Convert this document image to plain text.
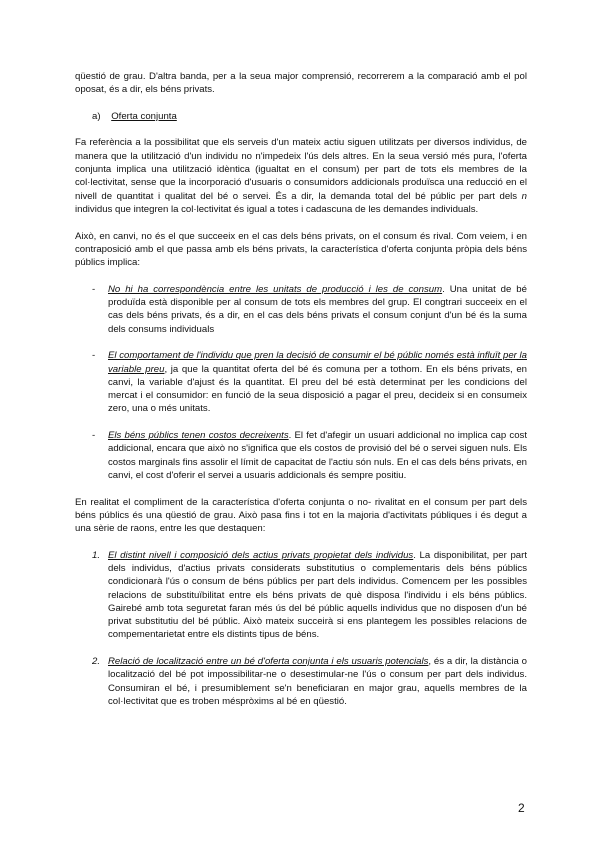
qüestió de grau. D'altra banda, per a la seua major comprensió, recorrerem a la comparació amb el pol oposat, és a dir, els béns privats.

a) Oferta conjunta

Fa referència a la possibilitat que els serveis d'un mateix actiu siguen utilitzats per diversos individus, de manera que la utilització d'un individu no n'impedeix l'ús dels altres. En la seua versió més pura, l'oferta conjunta implica una utilització idèntica (igualtat en el consum) per part de tots els membres de la col·lectivitat, sense que la incorporació d'usuaris o consumidors addicionals produïsca una reducció en el nivell de quantitat i qualitat del bé o servei. És a dir, la demanda total del bé públic per part dels n individus que integren la col·lectivitat és igual a totes i cadascuna de les demandes individuals.

Això, en canvi, no és el que succeeix en el cas dels béns privats, on el consum és rival. Com veiem, i en contraposició amb el que passa amb els béns privats, la característica d'oferta conjunta pròpia dels béns públics implica:

-	No hi ha correspondència entre les unitats de producció i les de consum. Una unitat de bé produïda està disponible per al consum de tots els membres del grup. El congtrari succeeix en el cas dels béns privats, és a dir, en el cas dels béns privats el consum conjunt d'un bé és la suma dels consums individuals
-	El comportament de l'individu que pren la decisió de consumir el bé públic només està influït per la variable preu, ja que la quantitat oferta del bé és comuna per a tothom. En els béns privats, en canvi, la variable d'ajust és la quantitat. El preu del bé està determinat per les condicions del mercat i el consumidor: en funció de la seua disposició a pagar el preu, decideix si en consumeix zero, una o més unitats.
-	Els béns públics tenen costos decreixents. El fet d'afegir un usuari addicional no implica cap cost addicional, encara que això no s'ignifica que els costos de provisió del bé o servei siguen nuls. Els costos marginals fins assolir el límit de capacitat de l'actiu són nuls. En el cas dels béns privats, en canvi, el cost d'oferir el servei a usuaris addicionals és sempre positiu.

En realitat el compliment de la característica d'oferta conjunta o no- rivalitat en el consum per part dels béns públics és una qüestió de grau. Això pasa fins i tot en la majoria d'activitats públiques i és degut a una sèrie de raons, entre les que destaquen:

1. El distint nivell i composició dels actius privats propietat dels individus. La disponibilitat, per part dels individus, d'actius privats considerats substitutius o complementaris dels béns públics condicionarà l'ús o consum de béns públics per part dels individus. Comencem per les possibles relacions de substituïbilitat entre els béns privats de què disposa l'individu i els béns públics. Gairebé amb tota seguretat faran més ús del bé públic aquells individus que no disposen d'un bé privat substitutiu del bé públic. Això mateix succeirà si ens plantegem les possibles relacions de compementarietat entre els distints tipus de béns.
2. Relació de localització entre un bé d'oferta conjunta i els usuaris potencials, és a dir, la distància o localització del bé pot impossibilitar-ne o desestimular-ne l'ús o consum per part dels individus. Consumiran el bé, i presumiblement se'n beneficiaran en major grau, aquells membres de la col·lectivitat que es troben méspròxims al bé en qüestió.
2
